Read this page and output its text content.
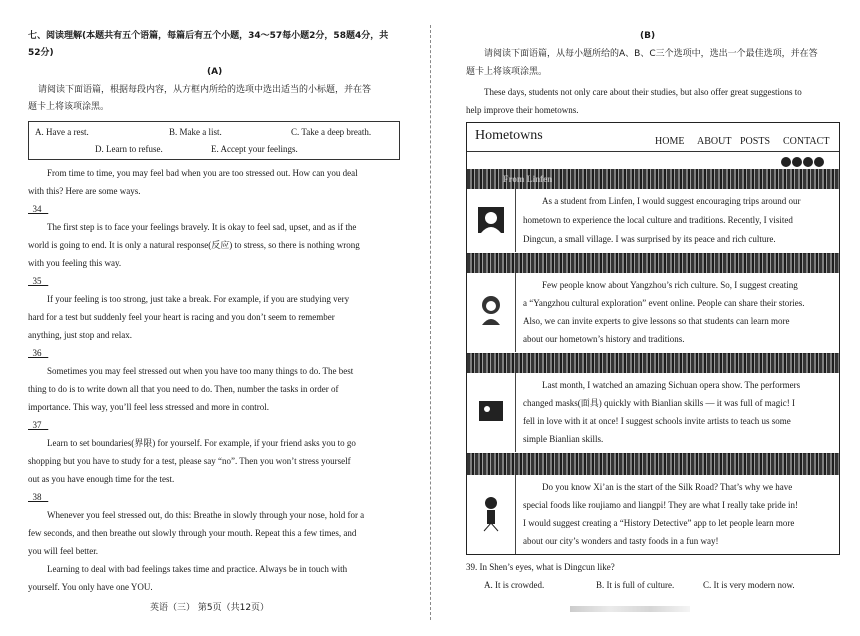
七、阅读理解(本题共有五个语篇，每篇后有五个小题，34～57每小题2分，58题4分，共
52分)
(A)
请阅读下面语篇，根据每段内容，从方框内所给的选项中选出适当的小标题，并在答
题卡上将该项涂黑。
A. Have a rest.	B. Make a list.	C. Take a deep breath.
D. Learn to refuse.	E. Accept your feelings.
From time to time, you may feel bad when you are too stressed out. How can you deal
with this? Here are some ways.
34
The first step is to face your feelings bravely. It is okay to feel sad, upset, and as if the
world is going to end. It is only a natural response(反应) to stress, so there is nothing wrong
with you feeling this way.
35
If your feeling is too strong, just take a break. For example, if you are studying very
hard for a test but suddenly feel your heart is racing and you don’t seem to remember
anything, just stop and relax.
36
Sometimes you may feel stressed out when you have too many things to do. The best
thing to do is to write down all that you need to do. Then, number the tasks in order of
importance. This way, you’ll feel less stressed and more in control.
37
Learn to set boundaries(界限) for yourself. For example, if your friend asks you to go
shopping but you have to study for a test, please say “no”. Then you won’t stress yourself
out as you have enough time for the test.
38
Whenever you feel stressed out, do this: Breathe in slowly through your nose, hold for a
few seconds, and then breathe out slowly through your mouth. Repeat this a few times, and
you will feel better.
Learning to deal with bad feelings takes time and practice. Always be in touch with
yourself. You only have one YOU.
英语（三） 第5页（共12页）
(B)
请阅读下面语篇，从每小题所给的A、B、C三个选项中，选出一个最佳选项，并在答
题卡上将该项涂黑。
These days, students not only care about their studies, but also offer great suggestions to
help improve their hometowns.
Hometowns	HOME ABOUT POSTS CONTACT
From Linfen
As a student from Linfen, I would suggest encouraging trips around our
hometown to experience the local culture and traditions. Recently, I visited
Dingcun, a small village. I was surprised by its peace and rich culture.
Few people know about Yangzhou’s rich culture. So, I suggest creating
a “Yangzhou cultural exploration” event online. People can share their stories.
Also, we can invite experts to give lessons so that students can learn more
about our hometown’s history and traditions.
Last month, I watched an amazing Sichuan opera show. The performers
changed masks(面具) quickly with Bianlian skills — it was full of magic! I
fell in love with it at once! I suggest schools invite artists to teach us some
simple Bianlian skills.
Do you know Xi’an is the start of the Silk Road? That’s why we have
special foods like roujiamo and liangpi! They are what I really take pride in!
I would suggest creating a “History Detective” app to let people learn more
about our city’s wonders and tasty foods in a fun way!
39. In Shen’s eyes, what is Dingcun like?
A. It is crowded.	B. It is full of culture.	C. It is very modern now.
